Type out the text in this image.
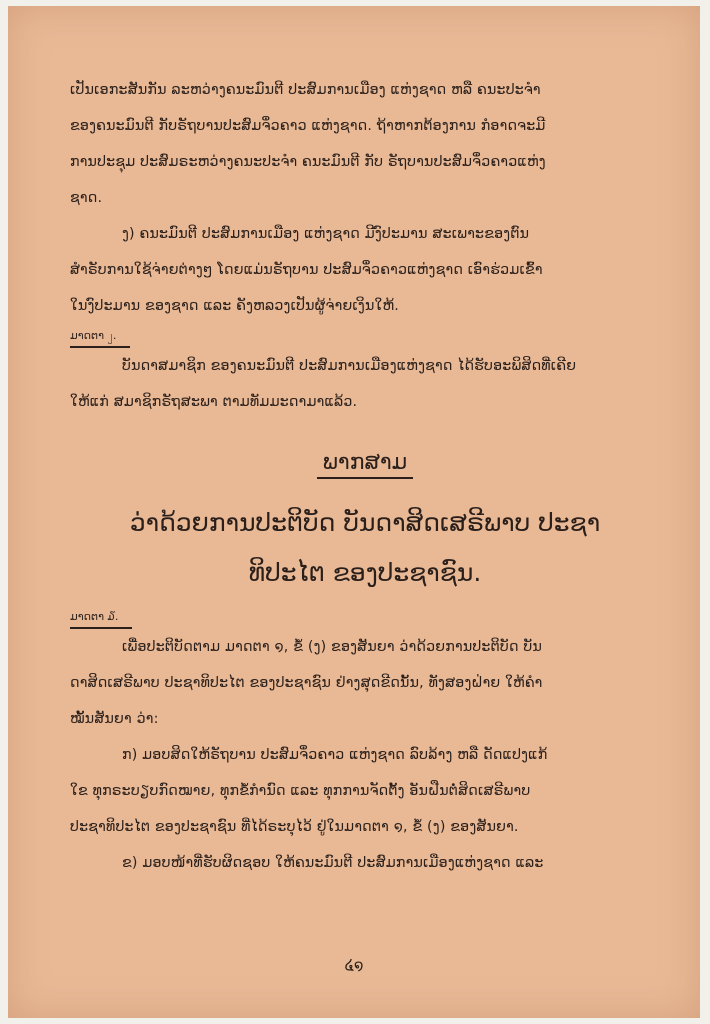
ເປັນເອກະສັນກັນ ລະຫວ່າງຄນະມົນຕີ ປະສົມການເມືອງ ແຫ່ງຊາດ ຫລື ຄນະປະຈຳ

ຂອງຄນະມົນຕີ ກັບຣັຖບານປະສົມຈຶ່ວຄາວ ແຫ່ງຊາດ. ຖ້າຫາກຕ້ອງການ ກໍອາດຈະມີ

ການປະຊຸມ ປະສົມຣະຫວ່າງຄນະປະຈຳ ຄນະມົນຕີ ກັບ ຣັຖບານປະສົມຈຶ່ວຄາວແຫ່ງ

ຊາດ.

ງ) ຄນະມົນຕີ ປະສົມການເມືອງ ແຫ່ງຊາດ ມີງົປະມານ ສະເພາະຂອງຕົນ

ສຳຣັບການໃຊ້ຈ່າຍຕ່າງໆ ໂດຍແມ່ນຣັຖບານ ປະສົມຈຶ່ວຄາວແຫ່ງຊາດ ເອົາຮ່ວມເຂົ້າ

ໃນງົປະມານ ຂອງຊາດ ແລະ ຄັງຫລວງເປັນຜູ້ຈ່າຍເງິນໃຫ້.

ມາດຕາ ၂.

ບັນດາສມາຊິກ ຂອງຄນະມົນຕີ ປະສົມການເມືອງແຫ່ງຊາດ ໄດ້ຮັບອະພິສິດທີ່ເຄີຍ

ໃຫ້ແກ່ ສມາຊິກຣັຖສະພາ ຕາມທັມມະດາມາແລ້ວ.

ພາກສາມ

ວ່າດ້ວຍການປະຕິບັດ ບັນດາສິດເສຣີພາບ ປະຊາ

ທິປະໄຕ ຂອງປະຊາຊົນ.

ມາດຕາ ໓.

ເພື່ອປະຕິບັດຕາມ ມາດຕາ ໑, ຂໍ້ (ງ) ຂອງສັນຍາ ວ່າດ້ວຍການປະຕິບັດ ບັນ

ດາສິດເສຣີພາບ ປະຊາທິປະໄຕ ຂອງປະຊາຊົນ ຢ່າງສຸດຂີດນັ້ນ, ທັງສອງຝ່າຍ ໃຫ້ຄຳ

ໝັ້ນສັນຍາ ວ່າ:

ກ) ມອບສິດໃຫ້ຣັຖບານ ປະສົມຈຶ່ວຄາວ ແຫ່ງຊາດ ລົບລ້າງ ຫລື ດັດແປງແກ້

ໃຂ ທຸກຣະບຽບກົດໝາຍ, ທຸກຂໍ້ກຳນົດ ແລະ ທຸກການຈັດຕັ້ງ ອັນຝືນຕໍ່ສິດເສຣີພາບ

ປະຊາທິປະໄຕ ຂອງປະຊາຊົນ ທີ່ໄດ້ຣະບຸໄວ້ ຢູ່ໃນມາດຕາ ໑, ຂໍ້ (ງ) ຂອງສັນຍາ.

ຂ) ມອບໜ້າທີ່ຮັບຜິດຊອບ ໃຫ້ຄນະມົນຕີ ປະສົມການເມືອງແຫ່ງຊາດ ແລະ

໔໑
